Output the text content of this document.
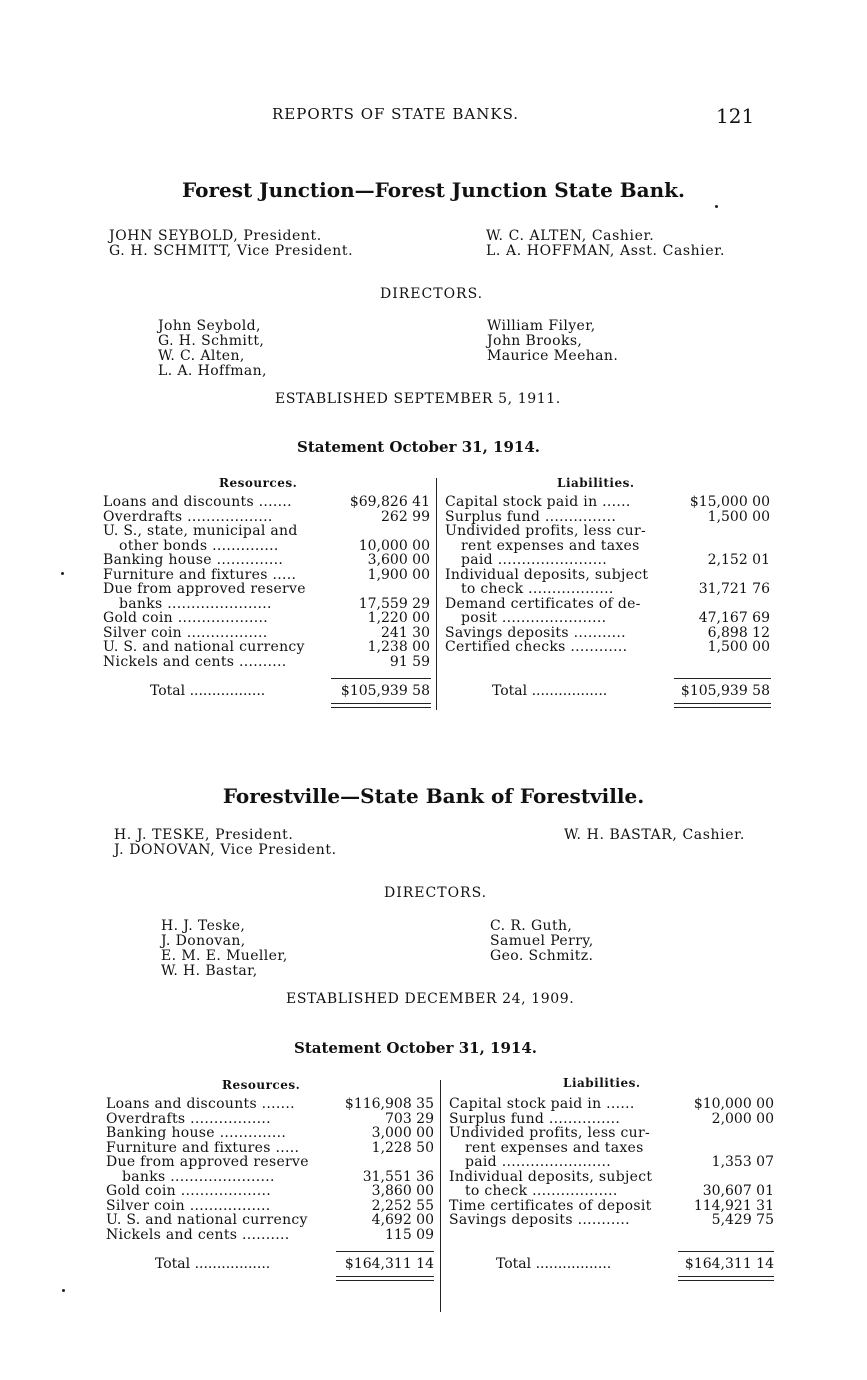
REPORTS OF STATE BANKS.	121
Forest Junction—Forest Junction State Bank.
JOHN SEYBOLD, President.
G. H. SCHMITT, Vice President.
W. C. ALTEN, Cashier.
L. A. HOFFMAN, Asst. Cashier.
DIRECTORS.
John Seybold,
G. H. Schmitt,
W. C. Alten,
L. A. Hoffman,
William Filyer,
John Brooks,
Maurice Meehan.
ESTABLISHED SEPTEMBER 5, 1911.
Statement October 31, 1914.
Resources.	Liabilities.
Loans and discounts .......	$69,826 41
Overdrafts ..................	262 99
U. S., state, municipal and
other bonds ..............	10,000 00
Banking house ..............	3,600 00
Furniture and fixtures .....	1,900 00
Due from approved reserve
banks ......................	17,559 29
Gold coin ...................	1,220 00
Silver coin .................	241 30
U. S. and national currency	1,238 00
Nickels and cents ..........	91 59
Capital stock paid in ......	$15,000 00
Surplus fund ...............	1,500 00
Undivided profits, less cur-
rent expenses and taxes
paid .......................	2,152 01
Individual deposits, subject
to check ..................	31,721 76
Demand certificates of de-
posit ......................	47,167 69
Savings deposits ...........	6,898 12
Certified checks ............	1,500 00
Total .................	$105,939 58	Total .................	$105,939 58
Forestville—State Bank of Forestville.
H. J. TESKE, President.
J. DONOVAN, Vice President.
W. H. BASTAR, Cashier.
DIRECTORS.
H. J. Teske,
J. Donovan,
E. M. E. Mueller,
W. H. Bastar,
C. R. Guth,
Samuel Perry,
Geo. Schmitz.
ESTABLISHED DECEMBER 24, 1909.
Statement October 31, 1914.
Resources.	Liabilities.
Loans and discounts .......	$116,908 35
Overdrafts .................	703 29
Banking house ..............	3,000 00
Furniture and fixtures .....	1,228 50
Due from approved reserve
banks ......................	31,551 36
Gold coin ...................	3,860 00
Silver coin .................	2,252 55
U. S. and national currency	4,692 00
Nickels and cents ..........	115 09
Capital stock paid in ......	$10,000 00
Surplus fund ...............	2,000 00
Undivided profits, less cur-
rent expenses and taxes
paid .......................	1,353 07
Individual deposits, subject
to check ..................	30,607 01
Time certificates of deposit	114,921 31
Savings deposits ...........	5,429 75
Total .................	$164,311 14	Total .................	$164,311 14
